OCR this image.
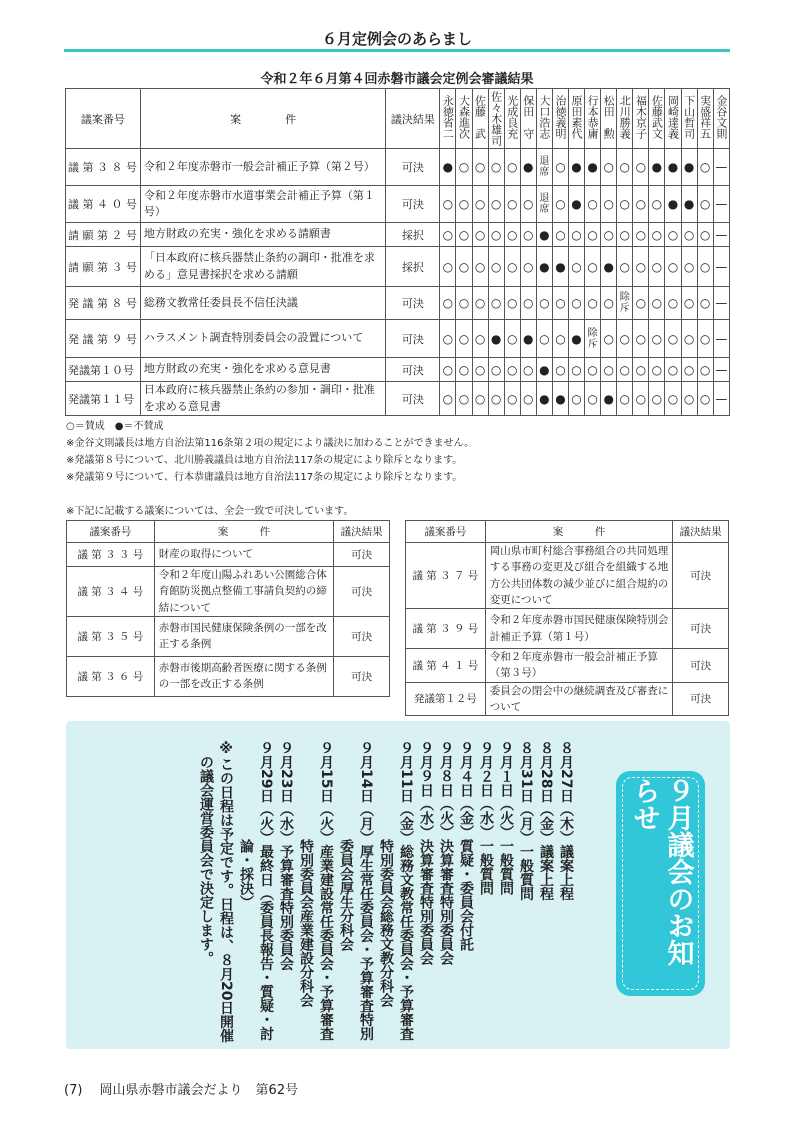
６月定例会のあらまし
令和２年６月第４回赤磐市議会定例会審議結果
議案番号	案　　　　件	議決結果	永徳省二	大森進次	佐藤　武	佐々木雄司	光成良充	保田　守	大口浩志	治徳義明	原田素代	行本恭庸	松田　勲	北川勝義	福木京子	佐藤武文	岡崎達義	下山哲司	実盛祥五	金谷文則
議 第 ３ ８ 号	令和２年度赤磐市一般会計補正予算（第２号）	可決	●	○	○	○	○	●	退席	○	●	●	○	○	○	●	●	●	○	—
議 第 ４ ０ 号	令和２年度赤磐市水道事業会計補正予算（第１号）	可決	○	○	○	○	○	○	退席	○	●	○	○	○	○	○	●	●	○	—
請 願 第 ２ 号	地方財政の充実・強化を求める請願書	採択	○	○	○	○	○	○	●	○	○	○	○	○	○	○	○	○	○	—
請 願 第 ３ 号	「日本政府に核兵器禁止条約の調印・批准を求める」意見書採択を求める請願	採択	○	○	○	○	○	○	●	●	○	○	●	○	○	○	○	○	○	—
発 議 第 ８ 号	総務文教常任委員長不信任決議	可決	○	○	○	○	○	○	○	○	○	○	○	除斥	○	○	○	○	○	—
発 議 第 ９ 号	ハラスメント調査特別委員会の設置について	可決	○	○	○	●	○	●	○	○	●	除斥	○	○	○	○	○	○	○	—
発議第１０号	地方財政の充実・強化を求める意見書	可決	○	○	○	○	○	○	●	○	○	○	○	○	○	○	○	○	○	—
発議第１１号	日本政府に核兵器禁止条約の参加・調印・批准を求める意見書	可決	○	○	○	○	○	○	●	●	○	○	●	○	○	○	○	○	○	—
○＝賛成　●＝不賛成
※金谷文則議長は地方自治法第116条第２項の規定により議決に加わることができません。
※発議第８号について、北川勝義議員は地方自治法117条の規定により除斥となります。
※発議第９号について、行本恭庸議員は地方自治法117条の規定により除斥となります。
※下記に記載する議案については、全会一致で可決しています。
議案番号	案　　　件	議決結果
議 第 ３ ３ 号	財産の取得について	可決
議 第 ３ ４ 号	令和２年度山陽ふれあい公園総合体育館防災拠点整備工事請負契約の締結について	可決
議 第 ３ ５ 号	赤磐市国民健康保険条例の一部を改正する条例	可決
議 第 ３ ６ 号	赤磐市後期高齢者医療に関する条例の一部を改正する条例	可決
議案番号	案　　　件	議決結果
議 第 ３ ７ 号	岡山県市町村総合事務組合の共同処理する事務の変更及び組合を組織する地方公共団体数の減少並びに組合規約の変更について	可決
議 第 ３ ９ 号	令和２年度赤磐市国民健康保険特別会計補正予算（第１号）	可決
議 第 ４ １ 号	令和２年度赤磐市一般会計補正予算（第３号）	可決
発議第１２号	委員会の閉会中の継続調査及び審査について	可決
８月27日（木）議案上程
８月28日（金）議案上程
８月31日（月）一般質問
９月１日（火）一般質問
９月２日（水）一般質問
９月４日（金）質疑・委員会付託
９月８日（火）決算審査特別委員会
９月９日（水）決算審査特別委員会
９月11日（金）総務文教常任委員会・予算審査
　　　　　　　特別委員会総務文教分科会
９月14日（月）厚生常任委員会・予算審査特別
　　　　　　　委員会厚生分科会
９月15日（火）産業建設常任委員会・予算審査
　　　　　　　特別委員会産業建設分科会
９月23日（水）予算審査特別委員会
９月29日（火）最終日（委員長報告・質疑・討
　　　　　　　論・採決）
※この日程は予定です。日程は、８月20日開催
　の議会運営委員会で決定します。	９月議会のお知らせ
(7)　 岡山県赤磐市議会だより　第62号
